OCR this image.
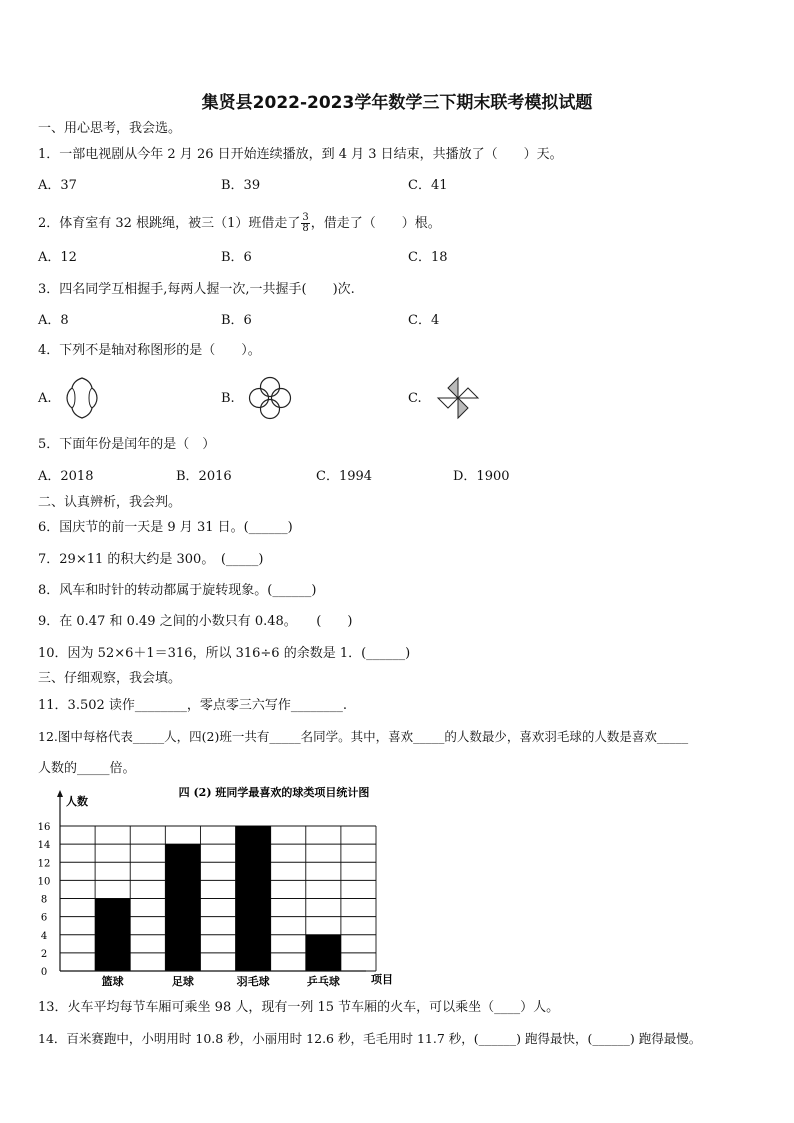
集贤县2022-2023学年数学三下期末联考模拟试题
一、用心思考，我会选。
1．一部电视剧从今年 2 月 26 日开始连续播放，到 4 月 3 日结束，共播放了（　　）天。
A．37	B．39	C．41
2．体育室有 32 根跳绳，被三（1）班借走了 $\frac{3}{8}$ ，借走了（　　）根。
A．12	B．6	C．18
3．四名同学互相握手,每两人握一次,一共握手(　　)次.
A．8	B．6	C．4
4．下列不是轴对称图形的是（　　）。
A.	B.	C.
5．下面年份是闰年的是（　）
A．2018	B．2016	C．1994	D．1900
二、认真辨析，我会判。
6．国庆节的前一天是 9 月 31 日。(______)
7．29×11 的积大约是 300。　(_____)
8．风车和时针的转动都属于旋转现象。(______)
9．在 0.47 和 0.49 之间的小数只有 0.48。　　(　　)
10．因为 52×6＋1＝316，所以 316÷6 的余数是 1．(______)
三、仔细观察，我会填。
11．3.502 读作________，零点零三六写作________.
12.图中每格代表_____人，四(2)班一共有_____名同学。其中，喜欢_____的人数最少，喜欢羽毛球的人数是喜欢_____
人数的_____倍。
四 (2) 班同学最喜欢的球类项目统计图
人数
项目
0
2
4
6
8
10
12
14
16
篮球	足球	羽毛球	乒乓球
13．火车平均每节车厢可乘坐 98 人，现有一列 15 节车厢的火车，可以乘坐（____）人。
14．百米赛跑中，小明用时 10.8 秒，小丽用时 12.6 秒，毛毛用时 11.7 秒，(______) 跑得最快，(______) 跑得最慢。
